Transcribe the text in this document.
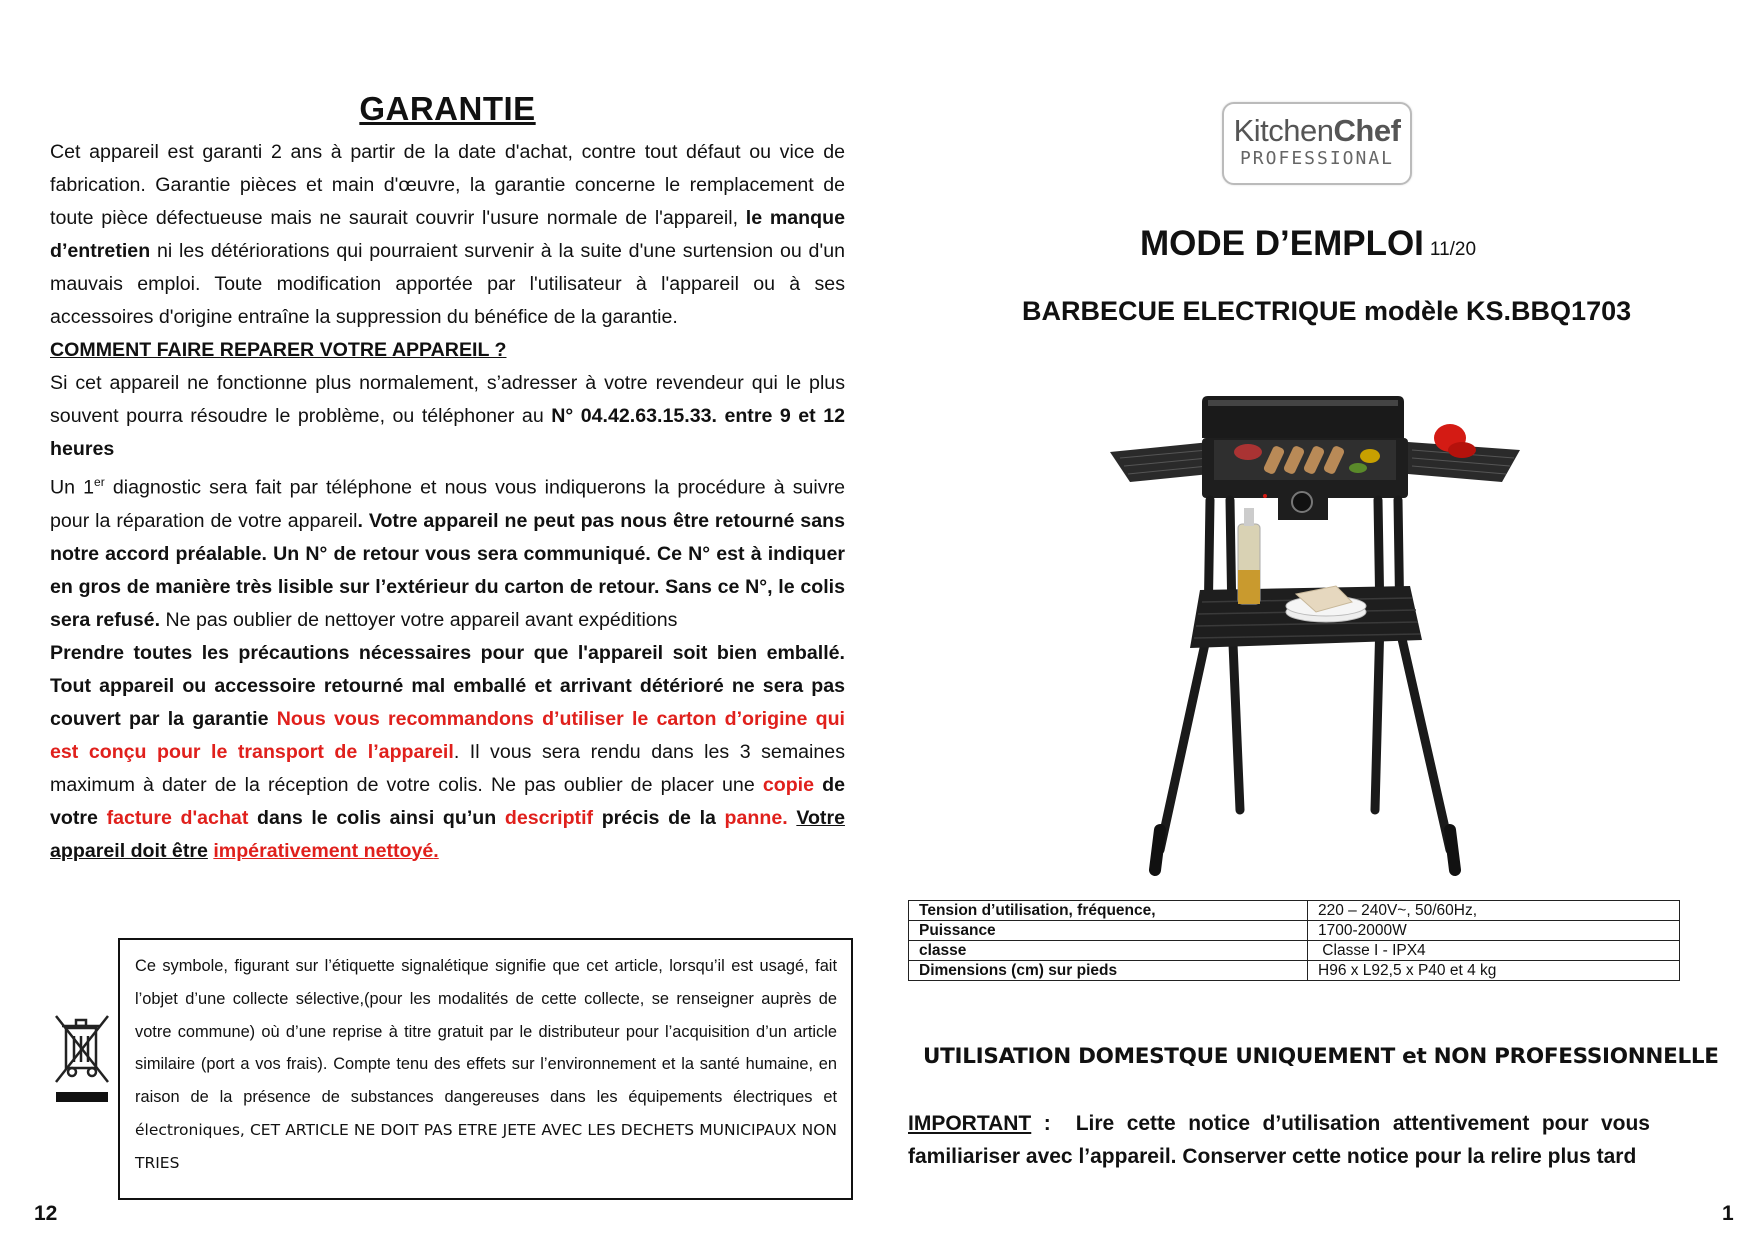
GARANTIE

Cet appareil est garanti 2 ans à partir de la date d'achat, contre tout défaut ou vice de fabrication. Garantie pièces et main d'œuvre, la garantie concerne le remplacement de toute pièce défectueuse mais ne saurait couvrir l'usure normale de l'appareil, le manque d’entretien ni les détériorations qui pourraient survenir à la suite d'une surtension ou d'un mauvais emploi. Toute modification apportée par l'utilisateur à l'appareil ou à ses accessoires d'origine entraîne la suppression du bénéfice de la garantie.

COMMENT FAIRE REPARER VOTRE APPAREIL ?

Si cet appareil ne fonctionne plus normalement, s’adresser à votre revendeur qui le plus souvent pourra résoudre le problème, ou téléphoner au N° 04.42.63.15.33. entre 9 et 12 heures

Un 1er diagnostic sera fait par téléphone et nous vous indiquerons la procédure à suivre pour la réparation de votre appareil. Votre appareil ne peut pas nous être retourné sans notre accord préalable. Un N° de retour vous sera communiqué. Ce N° est à indiquer en gros de manière très lisible sur l’extérieur du carton de retour. Sans ce N°, le colis sera refusé. Ne pas oublier de nettoyer votre appareil avant expéditions

Prendre toutes les précautions nécessaires pour que l'appareil soit bien emballé. Tout appareil ou accessoire retourné mal emballé et arrivant détérioré ne sera pas couvert par la garantie Nous vous recommandons d’utiliser le carton d’origine qui est conçu pour le transport de l’appareil. Il vous sera rendu dans les 3 semaines maximum à dater de la réception de votre colis. Ne pas oublier de placer une copie de votre facture d'achat dans le colis ainsi qu’un descriptif précis de la panne. Votre appareil doit être impérativement nettoyé.

Ce symbole, figurant sur l’étiquette signalétique signifie que cet article, lorsqu’il est usagé, fait l’objet d’une collecte sélective,(pour les modalités de cette collecte, se renseigner auprès de votre commune) où d’une reprise à titre gratuit par le distributeur pour l’acquisition d’un article similaire (port a vos frais). Compte tenu des effets sur l’environnement et la santé humaine, en raison de la présence de substances dangereuses dans les équipements électriques et électroniques, CET ARTICLE NE DOIT PAS ETRE JETE AVEC LES DECHETS MUNICIPAUX NON TRIES

12
KitchenChef
PROFESSIONAL
MODE D’EMPLOI 11/20
BARBECUE ELECTRIQUE modèle KS.BBQ1703
Tension d’utilisation, fréquence,	220 – 240V~, 50/60Hz,
Puissance	1700-2000W
classe	Classe I - IPX4
Dimensions (cm) sur pieds	H96 x L92,5 x P40 et 4 kg
UTILISATION DOMESTQUE UNIQUEMENT et NON PROFESSIONNELLE

IMPORTANT :  Lire cette notice d’utilisation attentivement pour vous familiariser avec l’appareil. Conserver cette notice pour la relire plus tard

1
